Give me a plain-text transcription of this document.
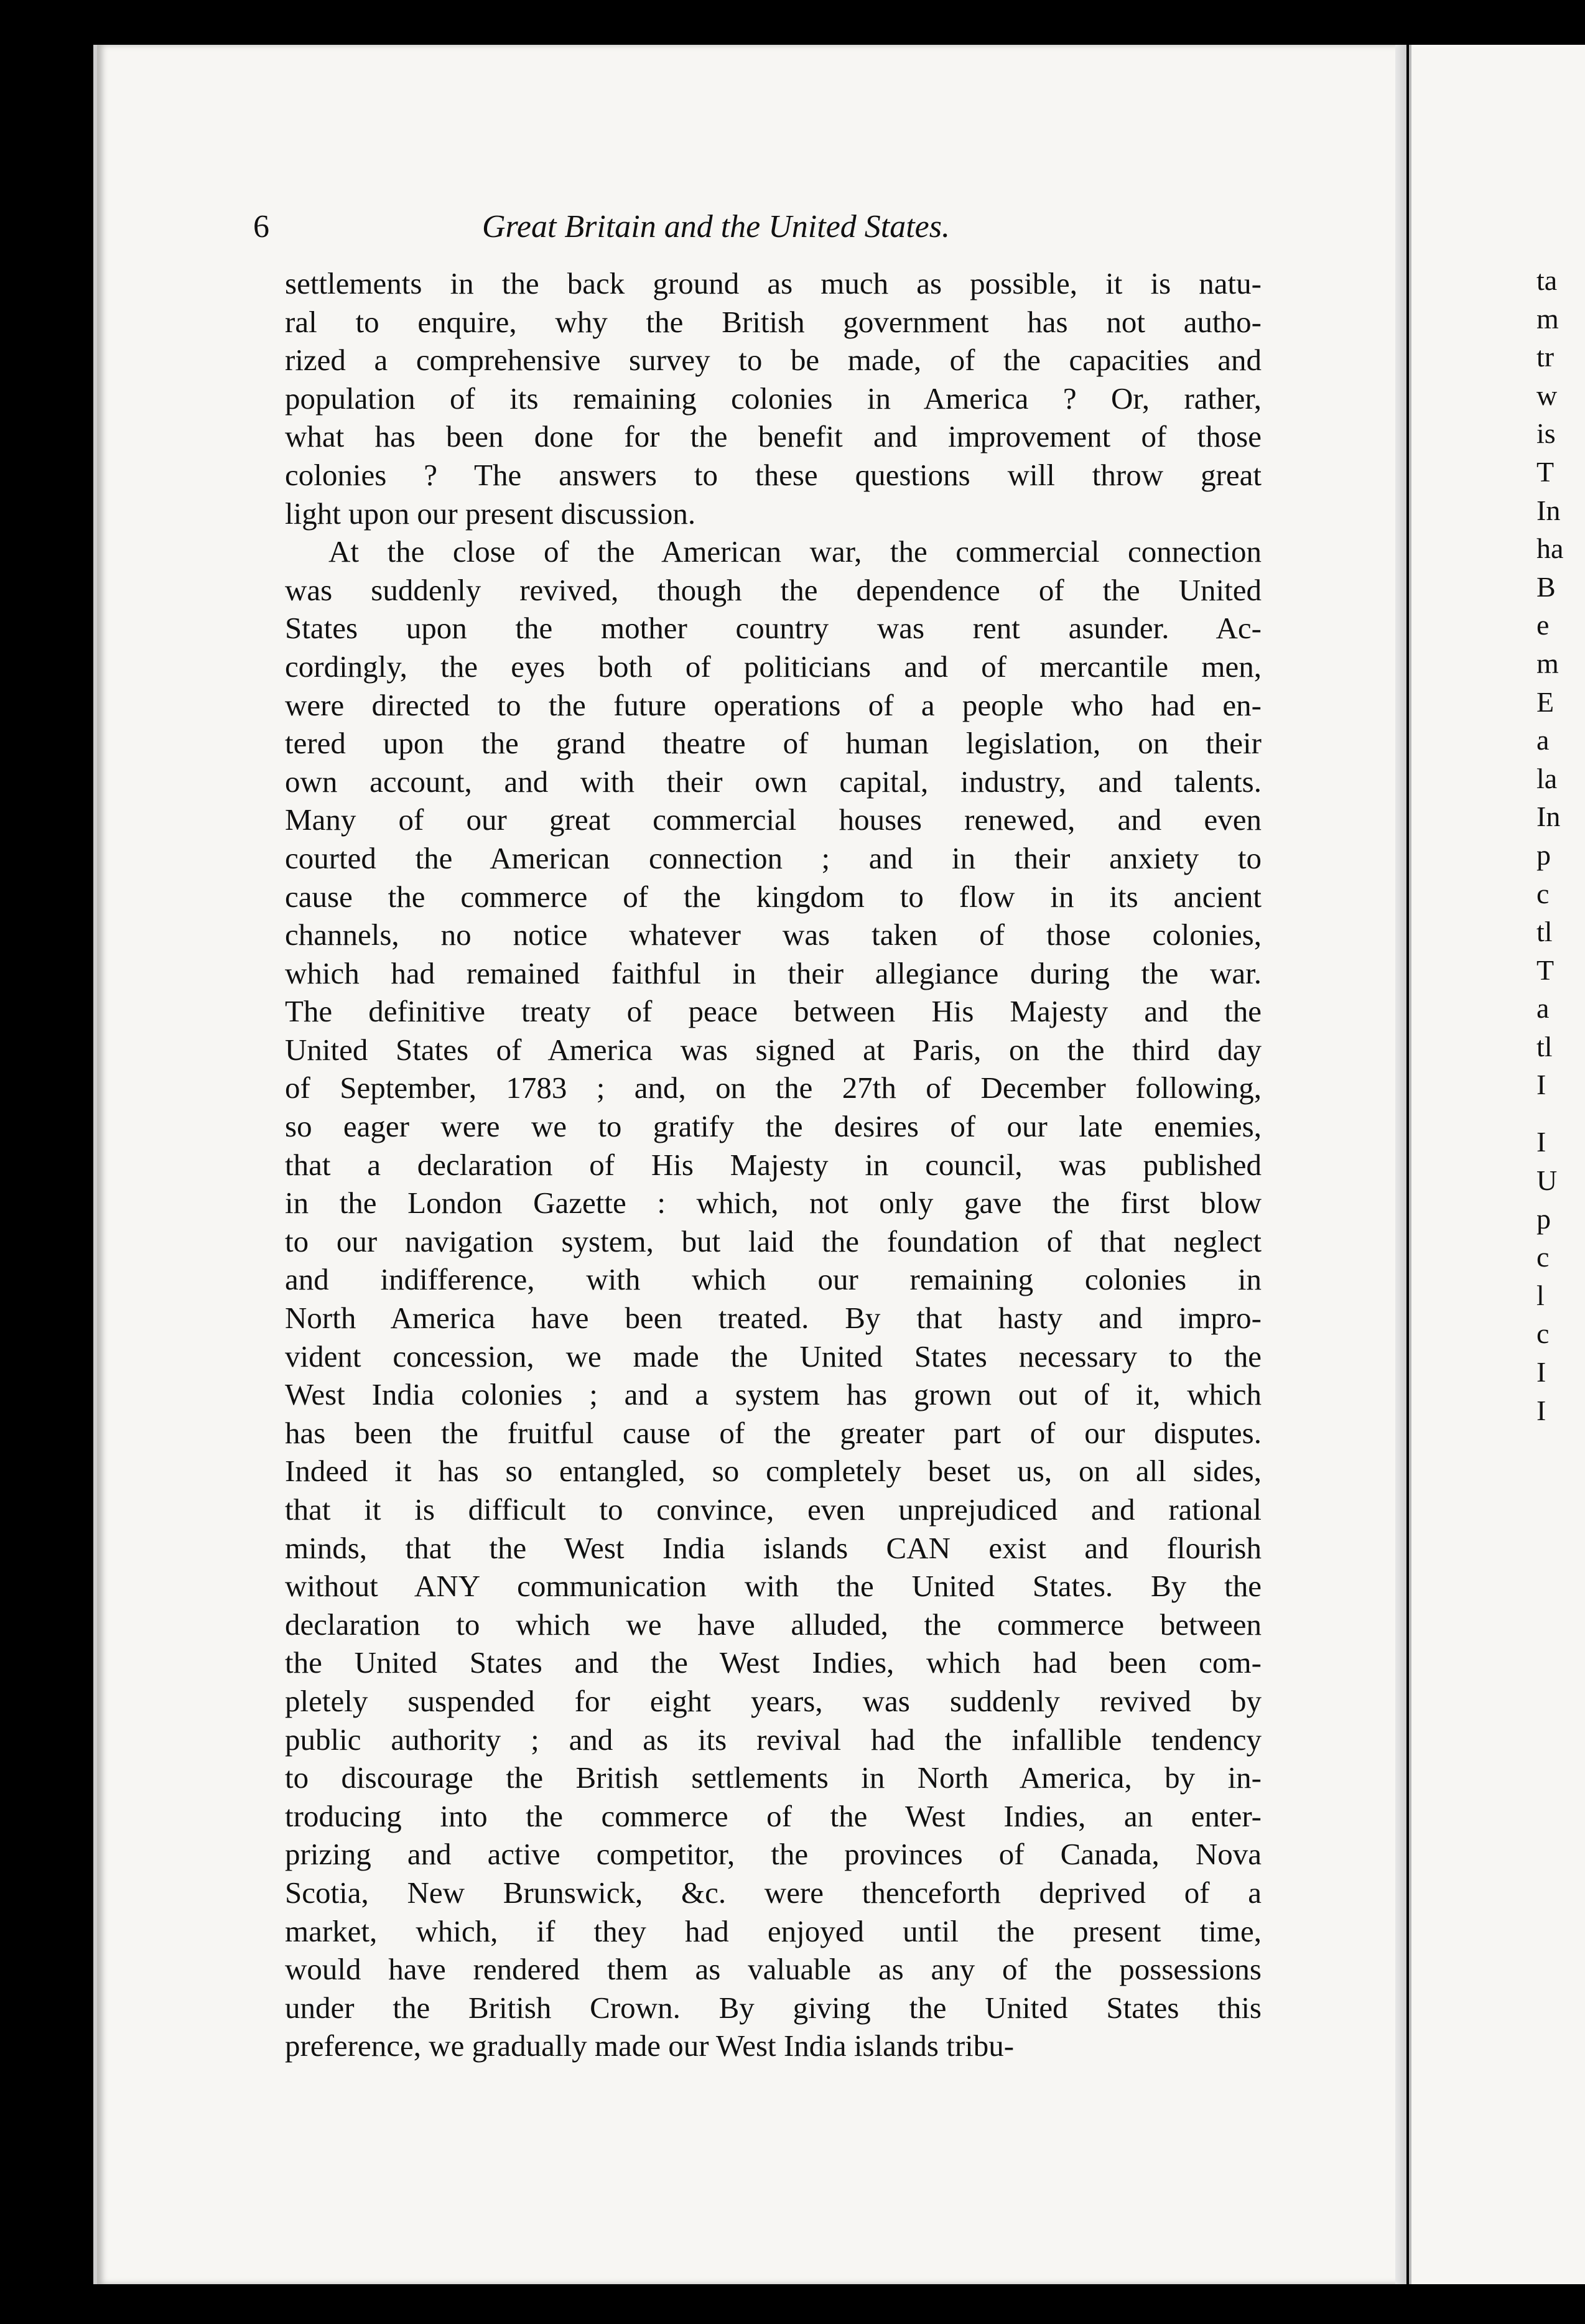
6	Great Britain and the United States.
settlements in the back ground as much as possible, it is natu-
ral to enquire, why the British government has not autho-
rized a comprehensive survey to be made, of the capacities and
population of its remaining colonies in America ? Or, rather,
what has been done for the benefit and improvement of those
colonies ? The answers to these questions will throw great
light upon our present discussion.
At the close of the American war, the commercial connection
was suddenly revived, though the dependence of the United
States upon the mother country was rent asunder. Ac-
cordingly, the eyes both of politicians and of mercantile men,
were directed to the future operations of a people who had en-
tered upon the grand theatre of human legislation, on their
own account, and with their own capital, industry, and talents.
Many of our great commercial houses renewed, and even
courted the American connection ; and in their anxiety to
cause the commerce of the kingdom to flow in its ancient
channels, no notice whatever was taken of those colonies,
which had remained faithful in their allegiance during the war.
The definitive treaty of peace between His Majesty and the
United States of America was signed at Paris, on the third day
of September, 1783 ; and, on the 27th of December following,
so eager were we to gratify the desires of our late enemies,
that a declaration of His Majesty in council, was published
in the London Gazette : which, not only gave the first blow
to our navigation system, but laid the foundation of that neglect
and indifference, with which our remaining colonies in
North America have been treated. By that hasty and impro-
vident concession, we made the United States necessary to the
West India colonies ; and a system has grown out of it, which
has been the fruitful cause of the greater part of our disputes.
Indeed it has so entangled, so completely beset us, on all sides,
that it is difficult to convince, even unprejudiced and rational
minds, that the West India islands CAN exist and flourish
without ANY communication with the United States. By the
declaration to which we have alluded, the commerce between
the United States and the West Indies, which had been com-
pletely suspended for eight years, was suddenly revived by
public authority ; and as its revival had the infallible tendency
to discourage the British settlements in North America, by in-
troducing into the commerce of the West Indies, an enter-
prizing and active competitor, the provinces of Canada, Nova
Scotia, New Brunswick, &c. were thenceforth deprived of a
market, which, if they had enjoyed until the present time,
would have rendered them as valuable as any of the possessions
under the British Crown. By giving the United States this
preference, we gradually made our West India islands tribu-
ta
m
tr
w
is
T
In
ha
B
e
m
E
a
la
In
p
c
tl
T
a
tl
I
I
U
p
c
l
c
I
I
